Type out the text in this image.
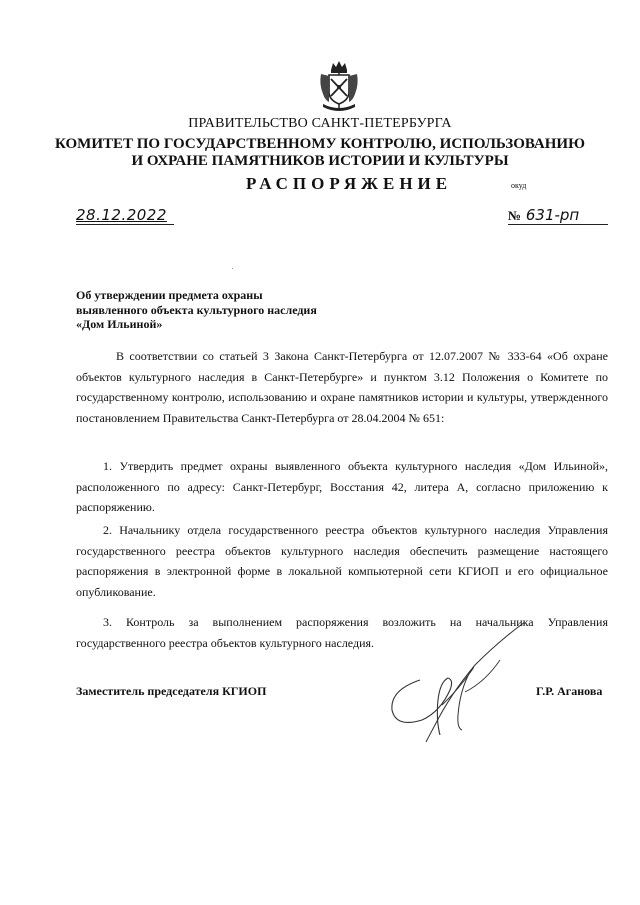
ПРАВИТЕЛЬСТВО САНКТ-ПЕТЕРБУРГА
КОМИТЕТ ПО ГОСУДАРСТВЕННОМУ КОНТРОЛЮ, ИСПОЛЬЗОВАНИЮ
И ОХРАНЕ ПАМЯТНИКОВ ИСТОРИИ И КУЛЬТУРЫ
РАСПОРЯЖЕНИЕ	окуд
28.12.2022	№ 631-рп
Об утверждении предмета охраны
выявленного объекта культурного наследия
«Дом Ильиной»
В соответствии со статьей 3 Закона Санкт-Петербурга от 12.07.2007 № 333-64 «Об охране объектов культурного наследия в Санкт-Петербурге» и пунктом 3.12 Положения о Комитете по государственному контролю, использованию и охране памятников истории и культуры, утвержденного постановлением Правительства Санкт-Петербурга от 28.04.2004 № 651:
1. Утвердить предмет охраны выявленного объекта культурного наследия «Дом Ильиной», расположенного по адресу: Санкт-Петербург, Восстания 42, литера А, согласно приложению к распоряжению.
2. Начальнику отдела государственного реестра объектов культурного наследия Управления государственного реестра объектов культурного наследия обеспечить размещение настоящего распоряжения в электронной форме в локальной компьютерной сети КГИОП и его официальное опубликование.
3. Контроль за выполнением распоряжения возложить на начальника Управления государственного реестра объектов культурного наследия.
Заместитель председателя КГИОП	Г.Р. Аганова
